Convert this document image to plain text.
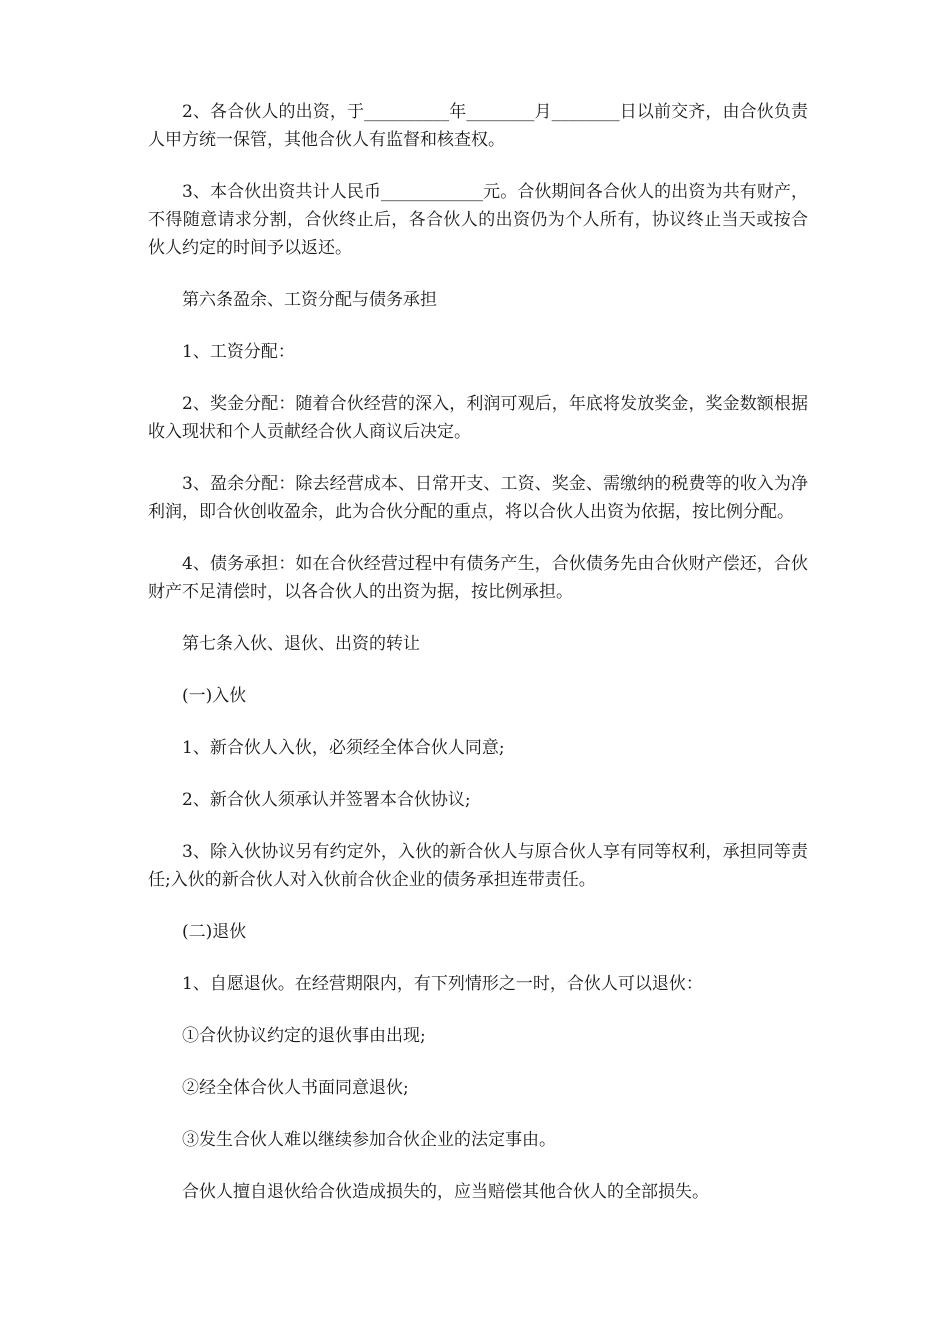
2、各合伙人的出资，于__________年________月________日以前交齐，由合伙负责人甲方统一保管，其他合伙人有监督和核查权。

3、本合伙出资共计人民币____________元。合伙期间各合伙人的出资为共有财产，不得随意请求分割，合伙终止后，各合伙人的出资仍为个人所有，协议终止当天或按合伙人约定的时间予以返还。

第六条盈余、工资分配与债务承担

1、工资分配：

2、奖金分配：随着合伙经营的深入，利润可观后，年底将发放奖金，奖金数额根据收入现状和个人贡献经合伙人商议后决定。

3、盈余分配：除去经营成本、日常开支、工资、奖金、需缴纳的税费等的收入为净利润，即合伙创收盈余，此为合伙分配的重点，将以合伙人出资为依据，按比例分配。

4、债务承担：如在合伙经营过程中有债务产生，合伙债务先由合伙财产偿还，合伙财产不足清偿时，以各合伙人的出资为据，按比例承担。

第七条入伙、退伙、出资的转让

(一)入伙

1、新合伙人入伙，必须经全体合伙人同意;

2、新合伙人须承认并签署本合伙协议;

3、除入伙协议另有约定外，入伙的新合伙人与原合伙人享有同等权利，承担同等责任;入伙的新合伙人对入伙前合伙企业的债务承担连带责任。

(二)退伙

1、自愿退伙。在经营期限内，有下列情形之一时，合伙人可以退伙：

①合伙协议约定的退伙事由出现;

②经全体合伙人书面同意退伙;

③发生合伙人难以继续参加合伙企业的法定事由。

合伙人擅自退伙给合伙造成损失的，应当赔偿其他合伙人的全部损失。
